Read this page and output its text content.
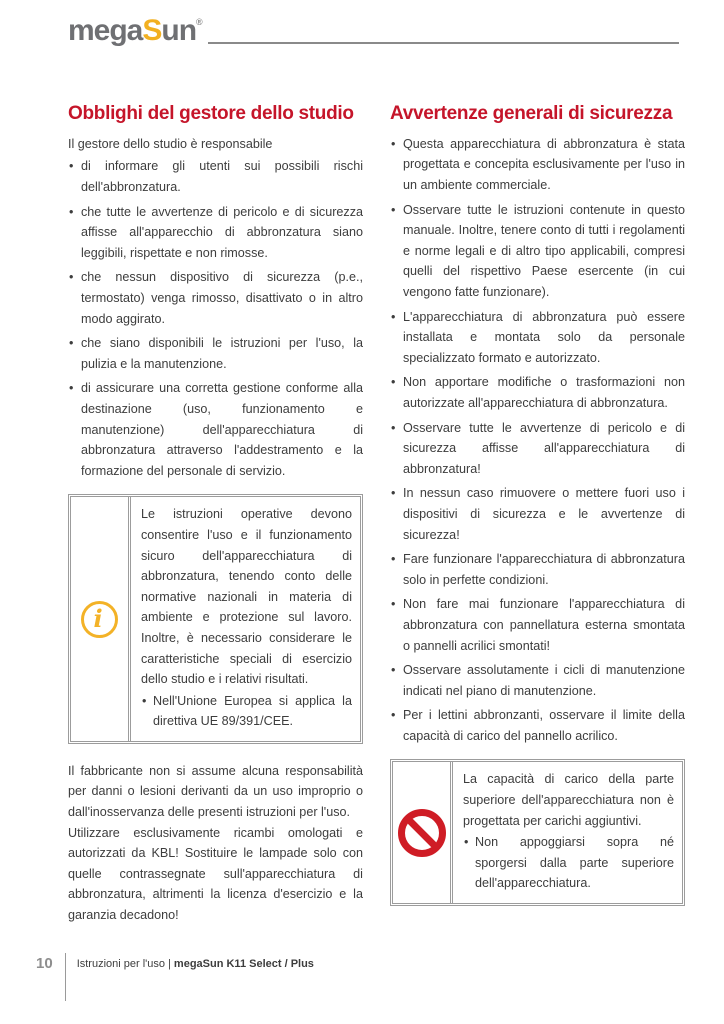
megaSun®
Obblighi del gestore dello studio

Il gestore dello studio è responsabile

• di informare gli utenti sui possibili rischi dell'abbronzatura.
• che tutte le avvertenze di pericolo e di sicurezza affisse all'apparecchio di abbronzatura siano leggibili, rispettate e non rimosse.
• che nessun dispositivo di sicurezza (p.e., termostato) venga rimosso, disattivato o in altro modo aggirato.
• che siano disponibili le istruzioni per l'uso, la pulizia e la manutenzione.
• di assicurare una corretta gestione conforme alla destinazione (uso, funzionamento e manutenzione) dell'apparecchiatura di abbronzatura attraverso l'addestramento e la formazione del personale di servizio.
i

Le istruzioni operative devono consentire l'uso e il funzionamento sicuro dell'apparecchiatura di abbronzatura, tenendo conto delle normative nazionali in materia di ambiente e protezione sul lavoro. Inoltre, è necessario considerare le caratteristiche speciali di esercizio dello studio e i relativi risultati.

• Nell'Unione Europea si applica la direttiva UE 89/391/CEE.

Il fabbricante non si assume alcuna responsabilità per danni o lesioni derivanti da un uso improprio o dall'inosservanza delle presenti istruzioni per l'uso.

Utilizzare esclusivamente ricambi omologati e autorizzati da KBL! Sostituire le lampade solo con quelle contrassegnate sull'apparecchiatura di abbronzatura, altrimenti la licenza d'esercizio e la garanzia decadono!

Avvertenze generali di sicurezza
• Questa apparecchiatura di abbronzatura è stata progettata e concepita esclusivamente per l'uso in un ambiente commerciale.
• Osservare tutte le istruzioni contenute in questo manuale. Inoltre, tenere conto di tutti i regolamenti e norme legali e di altro tipo applicabili, compresi quelli del rispettivo Paese esercente (in cui vengono fatte funzionare).
• L'apparecchiatura di abbronzatura può essere installata e montata solo da personale specializzato formato e autorizzato.
• Non apportare modifiche o trasformazioni non autorizzate all'apparecchiatura di abbronzatura.
• Osservare tutte le avvertenze di pericolo e di sicurezza affisse all'apparecchiatura di abbronzatura!
• In nessun caso rimuovere o mettere fuori uso i dispositivi di sicurezza e le avvertenze di sicurezza!
• Fare funzionare l'apparecchiatura di abbronzatura solo in perfette condizioni.
• Non fare mai funzionare l'apparecchiatura di abbronzatura con pannellatura esterna smontata o pannelli acrilici smontati!
• Osservare assolutamente i cicli di manutenzione indicati nel piano di manutenzione.
• Per i lettini abbronzanti, osservare il limite della capacità di carico del pannello acrilico.

La capacità di carico della parte superiore dell'apparecchiatura non è progettata per carichi aggiuntivi.

• Non appoggiarsi sopra né sporgersi dalla parte superiore dell'apparecchiatura.
10 Istruzioni per l'uso | megaSun K11 Select / Plus
